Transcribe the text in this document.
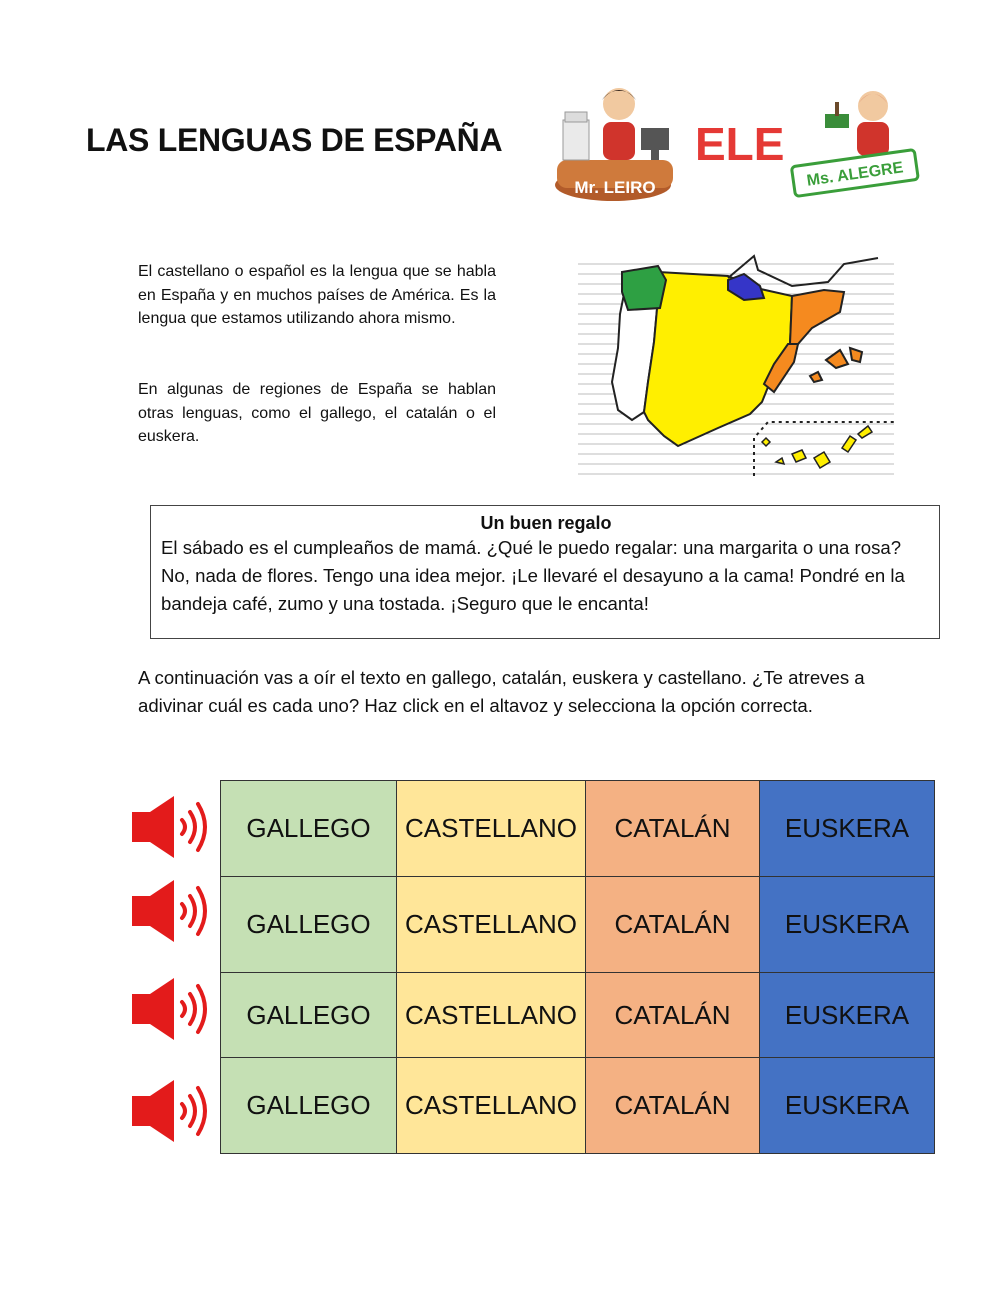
LAS LENGUAS DE ESPAÑA
Mr. LEIRO
ELE
Ms. ALEGRE

El castellano o español es la lengua que se habla en España y en muchos países de América. Es la lengua que estamos utilizando ahora mismo.

En algunas de regiones de España se hablan otras lenguas, como el gallego, el catalán o el euskera.

Un buen regalo

El sábado es el cumpleaños de mamá. ¿Qué le puedo regalar: una margarita o una rosa? No, nada de flores. Tengo una idea mejor. ¡Le llevaré el desayuno a la cama! Pondré en la bandeja café, zumo y una tostada. ¡Seguro que le encanta!

A continuación vas a oír el texto en gallego, catalán, euskera y castellano. ¿Te atreves a adivinar cuál es cada uno? Haz click en el altavoz y selecciona la opción correcta.

GALLEGO	CASTELLANO	CATALÁN	EUSKERA
GALLEGO	CASTELLANO	CATALÁN	EUSKERA
GALLEGO	CASTELLANO	CATALÁN	EUSKERA
GALLEGO	CASTELLANO	CATALÁN	EUSKERA
